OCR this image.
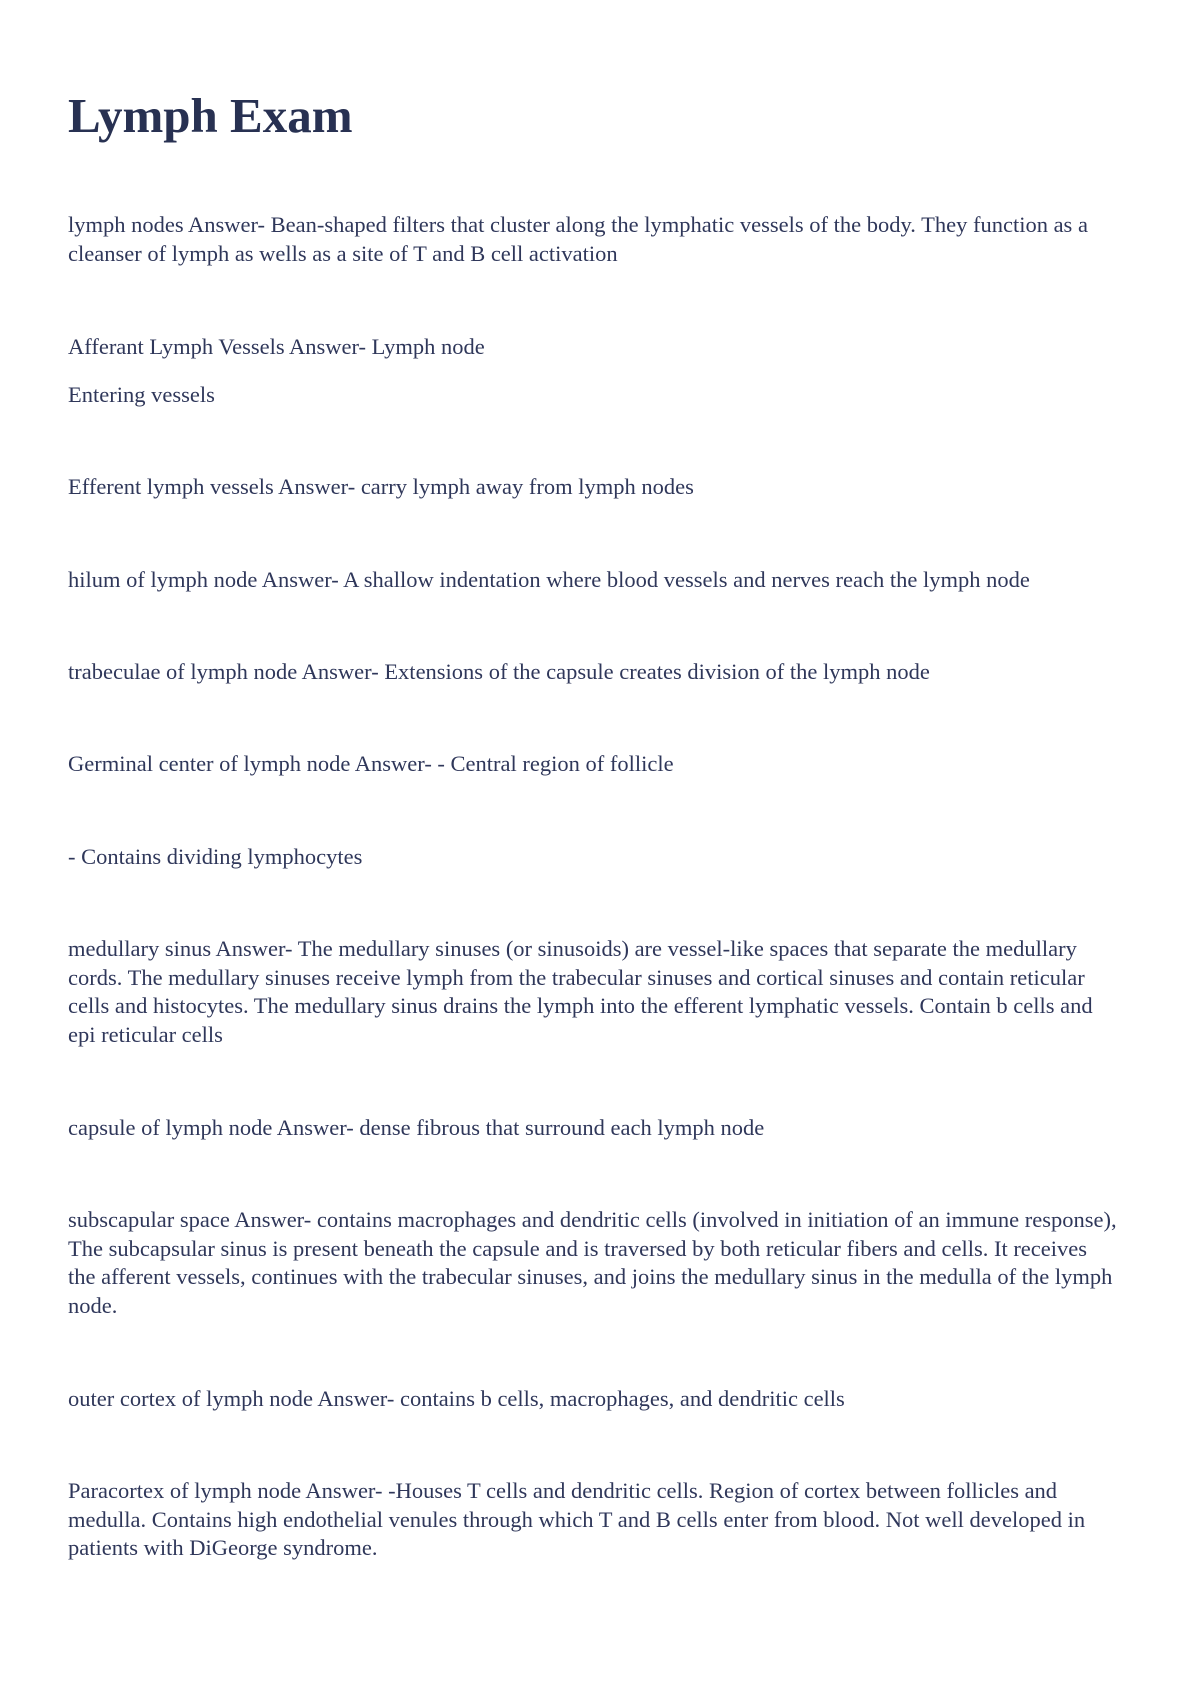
Lymph Exam

lymph nodes Answer- Bean-shaped filters that cluster along the lymphatic vessels of the body. They function as a cleanser of lymph as wells as a site of T and B cell activation

Afferant Lymph Vessels Answer- Lymph node

Entering vessels

Efferent lymph vessels Answer- carry lymph away from lymph nodes

hilum of lymph node Answer- A shallow indentation where blood vessels and nerves reach the lymph node

trabeculae of lymph node Answer- Extensions of the capsule creates division of the lymph node

Germinal center of lymph node Answer- - Central region of follicle

- Contains dividing lymphocytes

medullary sinus Answer- The medullary sinuses (or sinusoids) are vessel-like spaces that separate the medullary cords. The medullary sinuses receive lymph from the trabecular sinuses and cortical sinuses and contain reticular cells and histocytes. The medullary sinus drains the lymph into the efferent lymphatic vessels. Contain b cells and epi reticular cells

capsule of lymph node Answer- dense fibrous that surround each lymph node

subscapular space Answer- contains macrophages and dendritic cells (involved in initiation of an immune response), The subcapsular sinus is present beneath the capsule and is traversed by both reticular fibers and cells. It receives the afferent vessels, continues with the trabecular sinuses, and joins the medullary sinus in the medulla of the lymph node.

outer cortex of lymph node Answer- contains b cells, macrophages, and dendritic cells

Paracortex of lymph node Answer- -Houses T cells and dendritic cells. Region of cortex between follicles and medulla. Contains high endothelial venules through which T and B cells enter from blood. Not well developed in patients with DiGeorge syndrome.
